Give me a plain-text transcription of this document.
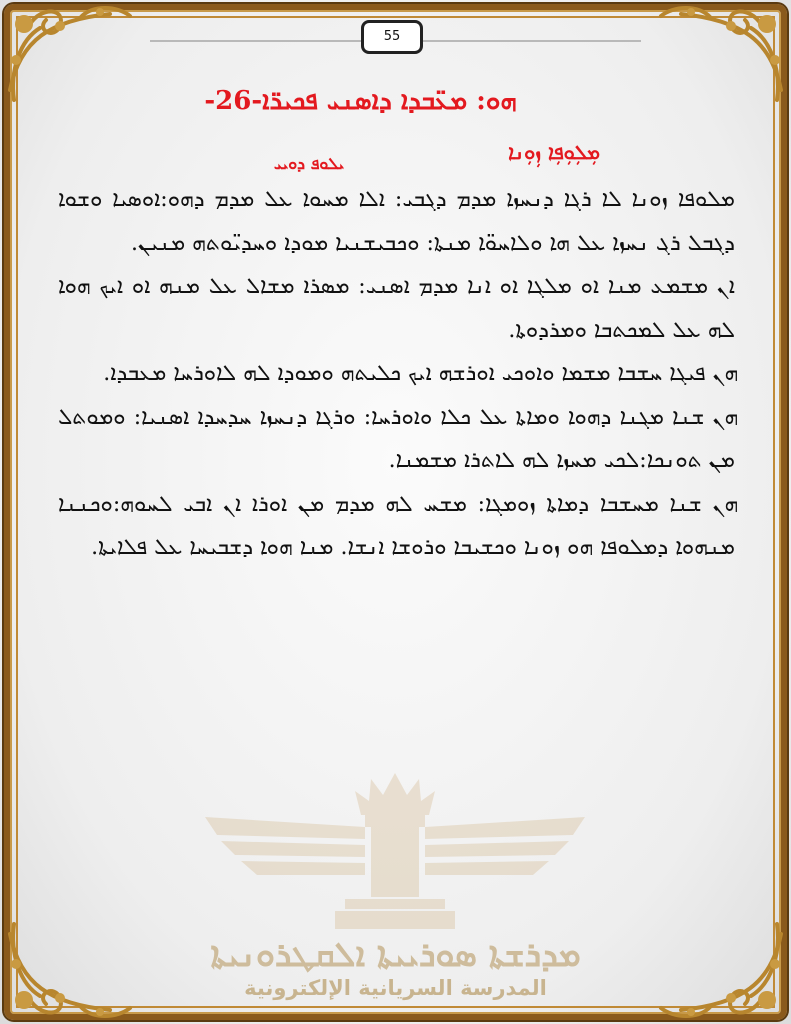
55
ܗܘ: ܡܥ̈ܒܕܐ ܕܐܣܢܝ ܦܟܝܪ̈ܐ-26-
ܝܠܘܦ ܕܘܝܝ	ܡܼܠܼܘܼܦܼܐ ܙܼܘܼܢܐ

ܡܠܘܦܐ ܙܘܢܐ ܠܐ ܪܓܐ ܕܢܚܙܐ ܡܕܡ ܕܓܒܝ: ܐܠܐ ܡܚܘܐ ܥܠ ܡܕܡ ܕܗܘ:ܐܘܣܝܐ ܘܫܘܐ ܕܓܒܠ ܪܓ ܢܚܙܐ ܥܠ ܗܐ ܘܠܐܚܘ̈ܐ ܡܢܬܐ: ܘܟܒܝܫܢܝܐ ܡܘܕܐ ܘܚܕܝ̈ܘܬܗ ܡܢܝܢ.

ܐܢ ܡܫܡܥ ܡܢܐ ܐܘ ܡܠܓܐ ܐܘ ܐܢܐ ܡܕܡ ܐܣܢܝ: ܡܣܪܐ ܡܫܐܠ ܥܠ ܡܢܗ ܐܘ ܐܝܟ ܗܘܐ ܠܗ ܥܠ ܠܡܟܬܒܐ ܘܡܪܕܘܬܐ.

ܗܢ ܦܝܓܐ ܚܫܒܐ ܡܫܡܐ ܘܐܘܟܝ ܐܘܪܫܗ ܐܝܟ ܟܠܝܬܗ ܘܡܘܕܐ ܠܗ ܠܐܘܪܚܐ ܡܥܒܕܐ.

ܗܢ ܫܢܐ ܡܓܢܐ ܕܗܘܐ ܘܡܐܬܐ ܥܠ ܟܠܐ ܘܐܘܪܚܐ: ܘܪܓܐ ܕܢܚܙܐ ܚܕܚܕܐ ܐܣܢܝܐ: ܘܡܘܬܠ ܡܢ ܬܘܢܟܐ:ܠܟܝ ܡܚܙܐ ܠܗ ܠܐܬܪܐ ܡܫܡܢܐ.

ܗܢ ܫܢܐ ܡܚܫܒܐ ܕܡܐܬܐ ܙܘܡܓܐ: ܡܫܚ ܠܗ ܡܕܡ ܡܢ ܐܘܪܐ ܐܢ ܐܒܝ ܠܚܘܗ:ܘܟܢܢܐ ܡܢܗܘܐ ܕܡܠܘܦܐ ܗܘ ܙܘܢܐ ܘܟܫܝܒܐ ܘܪܘܫܐ ܐܢܫܐ. ܡܢܐ ܗܘܐ ܕܫܒܝܚܐ ܥܠ ܦܠܐܝܬܐ.

ܡܕܪܫܬܐ ܣܘܪܝܝܬܐ ܐܠܩܛܪܘܢܝܬܐ
المدرسة السريانية الإلكترونية
